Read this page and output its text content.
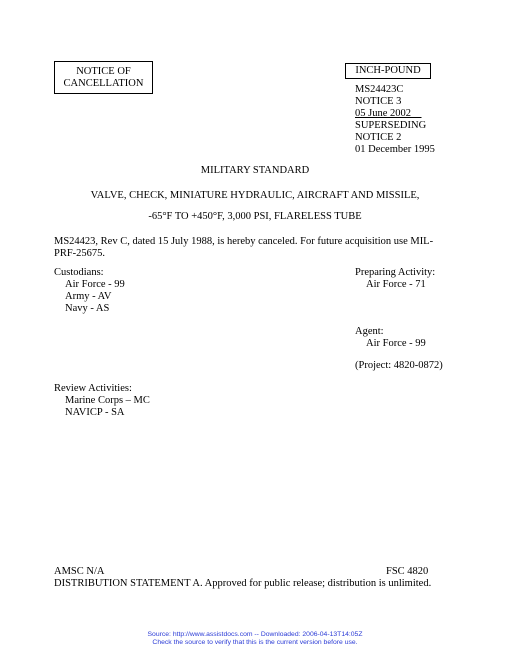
NOTICE OF
CANCELLATION
INCH-POUND
MS24423C
NOTICE 3
05 June 2002
SUPERSEDING
NOTICE 2
01 December 1995
MILITARY STANDARD
VALVE, CHECK, MINIATURE HYDRAULIC, AIRCRAFT AND MISSILE,
-65°F TO +450°F, 3,000 PSI, FLARELESS TUBE
MS24423, Rev C, dated 15 July 1988, is hereby canceled. For future acquisition use MIL-PRF-25675.
Custodians:
Air Force - 99
Army - AV
Navy - AS
Preparing Activity:
Air Force - 71
Agent:
Air Force - 99
(Project: 4820-0872)
Review Activities:
Marine Corps – MC
NAVICP - SA
AMSC N/A	FSC 4820
DISTRIBUTION STATEMENT A. Approved for public release; distribution is unlimited.
Source: http://www.assistdocs.com -- Downloaded: 2006-04-13T14:05Z
Check the source to verify that this is the current version before use.
